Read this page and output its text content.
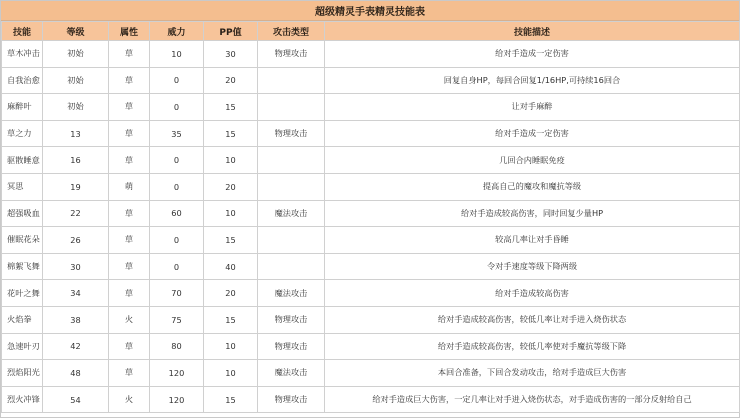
超级精灵手表精灵技能表
技能	等级	属性	威力	PP值	攻击类型	技能描述
草木冲击	初始	草	10	30	物理攻击	给对手造成一定伤害
自我治愈	初始	草	0	20		回复自身HP，每回合回复1/16HP,可持续16回合
麻醉叶	初始	草	0	15		让对手麻醉
草之力	13	草	35	15	物理攻击	给对手造成一定伤害
驱散睡意	16	草	0	10		几回合内睡眠免疫
冥思	19	萌	0	20		提高自己的魔攻和魔抗等级
超强吸血	22	草	60	10	魔法攻击	给对手造成较高伤害，同时回复少量HP
催眠花朵	26	草	0	15		较高几率让对手昏睡
棉絮飞舞	30	草	0	40		令对手速度等级下降两级
花叶之舞	34	草	70	20	魔法攻击	给对手造成较高伤害
火焰拳	38	火	75	15	物理攻击	给对手造成较高伤害，较低几率让对手进入烧伤状态
急速叶刃	42	草	80	10	物理攻击	给对手造成较高伤害，较低几率使对手魔抗等级下降
烈焰阳光	48	草	120	10	魔法攻击	本回合准备，下回合发动攻击，给对手造成巨大伤害
烈火冲锋	54	火	120	15	物理攻击	给对手造成巨大伤害，一定几率让对手进入烧伤状态，对手造成伤害的一部分反射给自己
